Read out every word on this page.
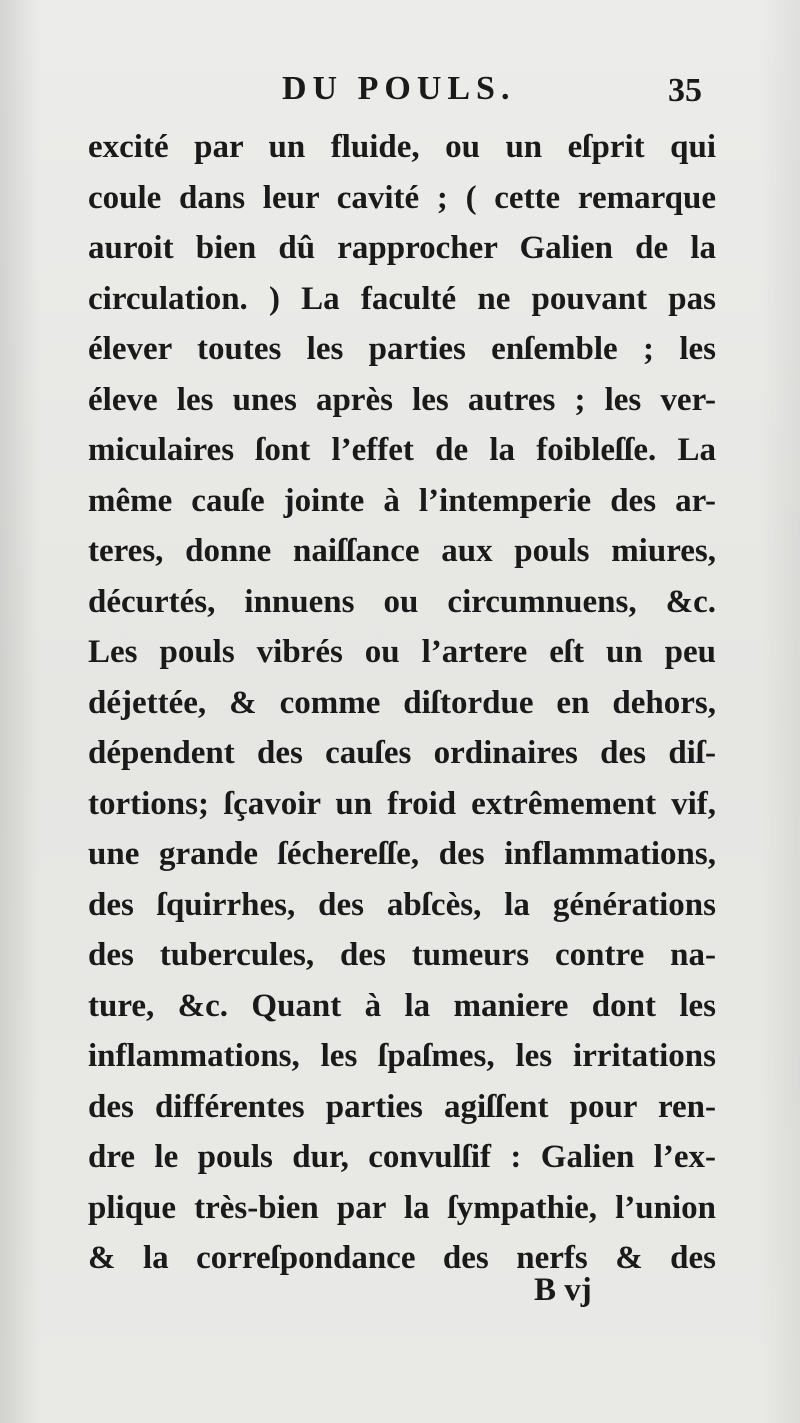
DU POULS.	35
excité par un fluide, ou un eſprit qui
coule dans leur cavité ; ( cette remarque
auroit bien dû rapprocher Galien de la
circulation. ) La faculté ne pouvant pas
élever toutes les parties enſemble ; les
éleve les unes après les autres ; les ver-
miculaires ſont l’effet de la foibleſſe. La
même cauſe jointe à l’intemperie des ar-
teres, donne naiſſance aux pouls miures,
décurtés, innuens ou circumnuens, &c.
Les pouls vibrés ou l’artere eſt un peu
déjettée, & comme diſtordue en dehors,
dépendent des cauſes ordinaires des diſ-
tortions; ſçavoir un froid extrêmement vif,
une grande ſéchereſſe, des inflammations,
des ſquirrhes, des abſcès, la générations
des tubercules, des tumeurs contre na-
ture, &c. Quant à la maniere dont les
inflammations, les ſpaſmes, les irritations
des différentes parties agiſſent pour ren-
dre le pouls dur, convulſif : Galien l’ex-
plique très-bien par la ſympathie, l’union
& la correſpondance des nerfs & des
B vj
